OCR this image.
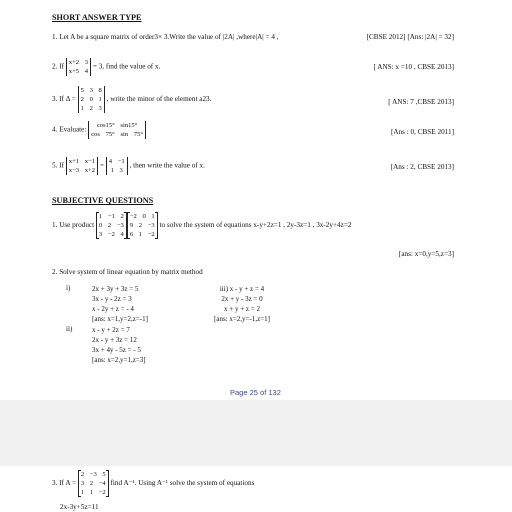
SHORT ANSWER TYPE
1. Let A be a square matrix of order3× 3.Write the value of |2A| ,where|A| = 4 ,	[CBSE 2012] [Ans: |2A| = 32]
2. If
x+2 3
x+5 4
= 3, find the value of x.	[ ANS: x =10 , CBSE 2013]
3. If Δ =
5 3 8
2 0 1
1 2 3
, write the minor of the element a23.	[ ANS: 7 ,CBSE 2013]
4. Evaluate:
cos15° sin15°
cos 75° sin 75°	[Ans : 0, CBSE 2011]
5. If
x+1 x−1
x−3 x+2
=
4 −1
1 3
, then write the value of x.	[Ans : 2, CBSE 2013]
SUBJECTIVE QUESTIONS
1. Use product
1 −1 2
0 2 −3
3 −2 4
−2 0 1
9 2 −3
6 1 −2
to solve the system of equations x-y+2z=1 , 2y-3z=1 , 3x-2y+4z=2
[ans: x=0,y=5,z=3]
2. Solve system of linear equation by matrix method
i)	2x + 3y + 3z = 5
3x - y - 2z = 3
x - 2y + z = - 4
[ans: x=1,y=2,z=-1]
iii) x - y + z = 4
2x + y - 3z = 0
x + y + z = 2
[ans: x=2,y=-1,z=1]
ii)	x - y + 2z = 7
2x - y + 3z = 12
3x + 4y - 5z = - 5
[ans: x=2,y=1,z=3]
Page 25 of 132
3. If A =
2 −3 5
3 2 −4
1 1 −2
find A⁻¹. Using A⁻¹ solve the system of equations
2x-3y+5z=11
